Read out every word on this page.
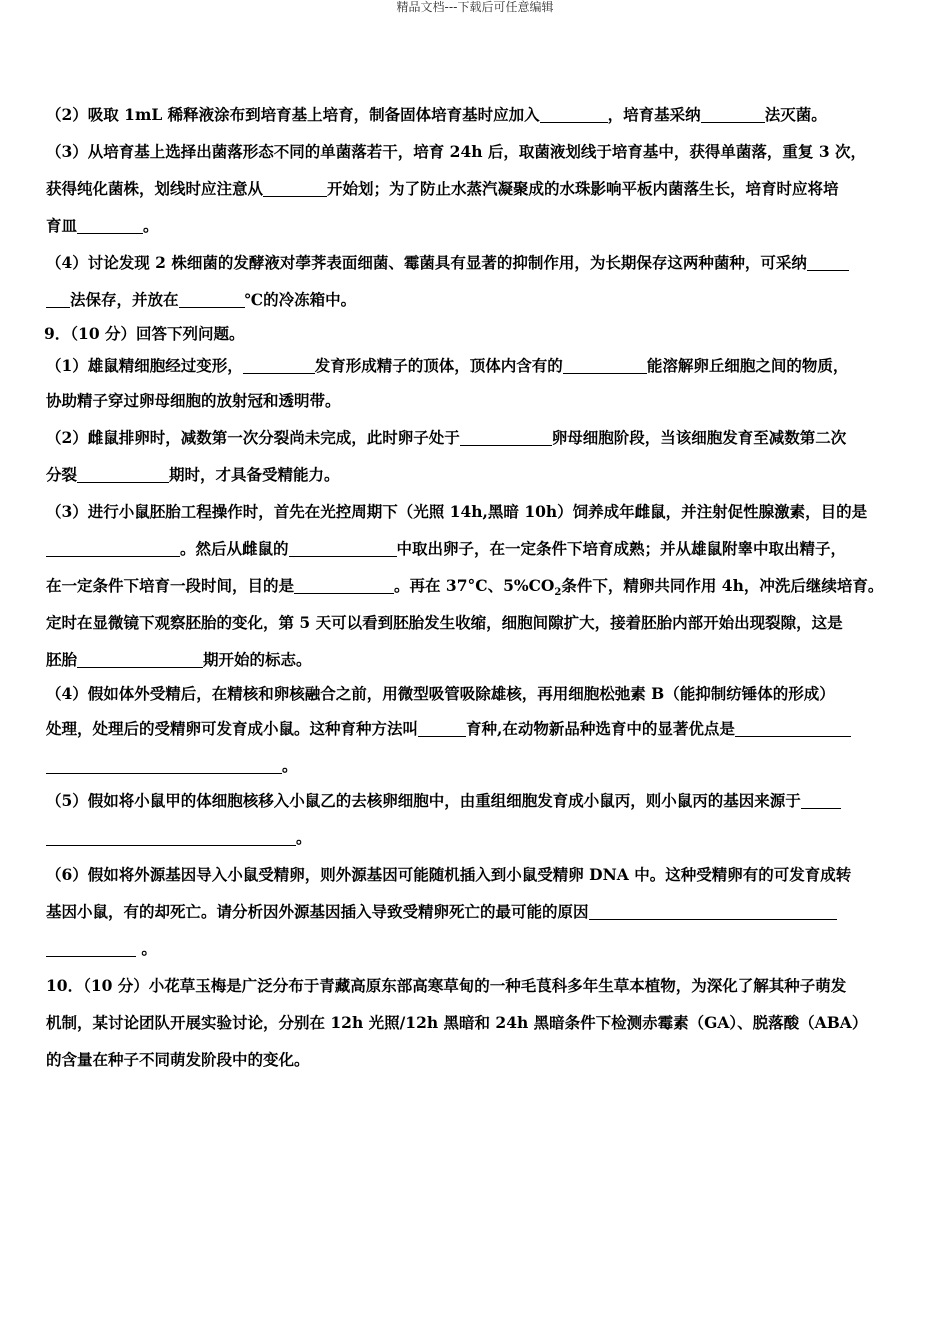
精品文档---下载后可任意编辑
（2）吸取 1mL 稀释液涂布到培育基上培育，制备固体培育基时应加入	，培育基采纳	法灭菌。
（3）从培育基上选择出菌落形态不同的单菌落若干，培育 24h 后，取菌液划线于培育基中，获得单菌落，重复 3 次，
获得纯化菌株，划线时应注意从	开始划；为了防止水蒸汽凝聚成的水珠影响平板内菌落生长，培育时应将培
育皿	。
（4）讨论发现 2 株细菌的发酵液对荸荠表面细菌、霉菌具有显著的抑制作用，为长期保存这两种菌种，可采纳
法保存，并放在	℃的冷冻箱中。
9．（10 分）回答下列问题。
（1）雄鼠精细胞经过变形，	发育形成精子的顶体，顶体内含有的	能溶解卵丘细胞之间的物质，
协助精子穿过卵母细胞的放射冠和透明带。
（2）雌鼠排卵时，减数第一次分裂尚未完成，此时卵子处于	卵母细胞阶段，当该细胞发育至减数第二次
分裂	期时，才具备受精能力。
（3）进行小鼠胚胎工程操作时，首先在光控周期下（光照 14h,黑暗 10h）饲养成年雌鼠，并注射促性腺激素，目的是
。然后从雌鼠的	中取出卵子，在一定条件下培育成熟；并从雄鼠附睾中取出精子，
在一定条件下培育一段时间，目的是	。再在 37°C、$5\%CO_2$条件下，精卵共同作用 4h，冲洗后继续培育。
定时在显微镜下观察胚胎的变化，第 5 天可以看到胚胎发生收缩，细胞间隙扩大，接着胚胎内部开始出现裂隙，这是
胚胎	期开始的标志。
（4）假如体外受精后，在精核和卵核融合之前，用微型吸管吸除雄核，再用细胞松弛素 B（能抑制纺锤体的形成）
处理，处理后的受精卵可发育成小鼠。这种育种方法叫	育种,在动物新品种选育中的显著优点是
。
（5）假如将小鼠甲的体细胞核移入小鼠乙的去核卵细胞中，由重组细胞发育成小鼠丙，则小鼠丙的基因来源于
。
（6）假如将外源基因导入小鼠受精卵，则外源基因可能随机插入到小鼠受精卵 DNA 中。这种受精卵有的可发育成转
基因小鼠，有的却死亡。请分析因外源基因插入导致受精卵死亡的最可能的原因
。
10．（10 分）小花草玉梅是广泛分布于青藏高原东部高寒草甸的一种毛茛科多年生草本植物，为深化了解其种子萌发
机制，某讨论团队开展实验讨论，分别在 12h 光照/12h 黑暗和 24h 黑暗条件下检测赤霉素（GA）、脱落酸（ABA）
的含量在种子不同萌发阶段中的变化。
